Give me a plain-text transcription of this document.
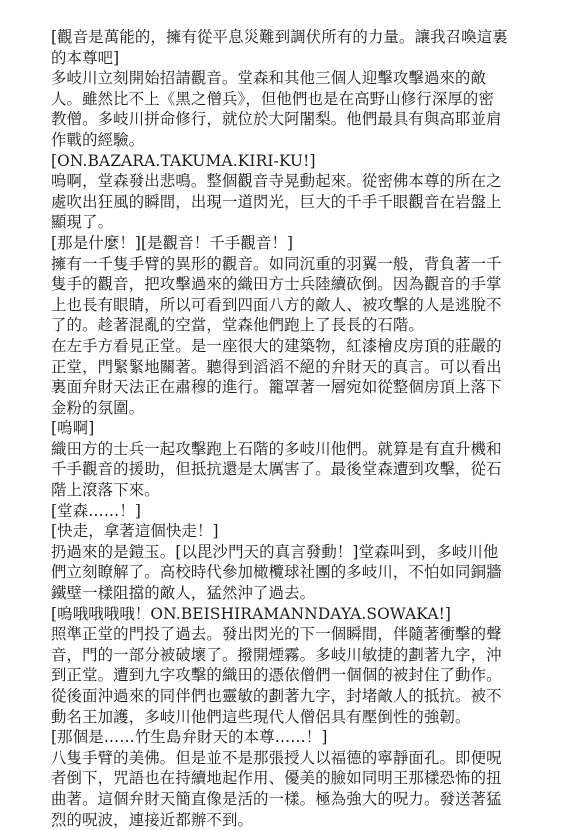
[觀音是萬能的，擁有從平息災難到調伏所有的力量。讓我召喚這裏
的本尊吧]
多岐川立刻開始招請觀音。堂森和其他三個人迎擊攻擊過來的敵
人。雖然比不上《黑之僧兵》，但他們也是在高野山修行深厚的密
教僧。多岐川拼命修行，就位於大阿闍梨。他們最具有與高耶並肩
作戰的經驗。
[ON.BAZARA.TAKUMA.KIRI-KU!]
嗚啊，堂森發出悲鳴。整個觀音寺晃動起來。從密佛本尊的所在之
處吹出狂風的瞬間，出現一道閃光，巨大的千手千眼觀音在岩盤上
顯現了。
[那是什麼！][是觀音！千手觀音！]
擁有一千隻手臂的異形的觀音。如同沉重的羽翼一般，背負著一千
隻手的觀音，把攻擊過來的織田方士兵陸續砍倒。因為觀音的手掌
上也長有眼睛，所以可看到四面八方的敵人、被攻擊的人是逃脫不
了的。趁著混亂的空當，堂森他們跑上了長長的石階。
在左手方看見正堂。是一座很大的建築物，紅漆檜皮房頂的莊嚴的
正堂，門緊緊地關著。聽得到滔滔不絕的弁財天的真言。可以看出
裏面弁財天法正在肅穆的進行。籠罩著一層宛如從整個房頂上落下
金粉的氛圍。
[嗚啊]
織田方的士兵一起攻擊跑上石階的多岐川他們。就算是有直升機和
千手觀音的援助，但抵抗還是太厲害了。最後堂森遭到攻擊，從石
階上滾落下來。
[堂森……！]
[快走，拿著這個快走！]
扔過來的是鎧玉。[以毘沙門天的真言發動！]堂森叫到，多岐川他
們立刻瞭解了。高校時代參加橄欖球社團的多岐川，不怕如同銅牆
鐵壁一樣阻擋的敵人，猛然沖了過去。
[嗚哦哦哦哦！ON.BEISHIRAMANNDAYA.SOWAKA!]
照準正堂的門投了過去。發出閃光的下一個瞬間，伴隨著衝擊的聲
音，門的一部分被破壞了。撥開煙霧。多岐川敏捷的劃著九字，沖
到正堂。遭到九字攻擊的織田的憑依僧們一個個的被封住了動作。
從後面沖過來的同伴們也靈敏的劃著九字，封堵敵人的抵抗。被不
動名王加護，多岐川他們這些現代人僧侶具有壓倒性的強韌。
[那個是……竹生島弁財天的本尊……！]
八隻手臂的美佛。但是並不是那張授人以福德的寧靜面孔。即便呪
者倒下，咒語也在持續地起作用、優美的臉如同明王那樣恐怖的扭
曲著。這個弁財天簡直像是活的一樣。極為強大的呪力。發送著猛
烈的呪波，連接近都辦不到。
